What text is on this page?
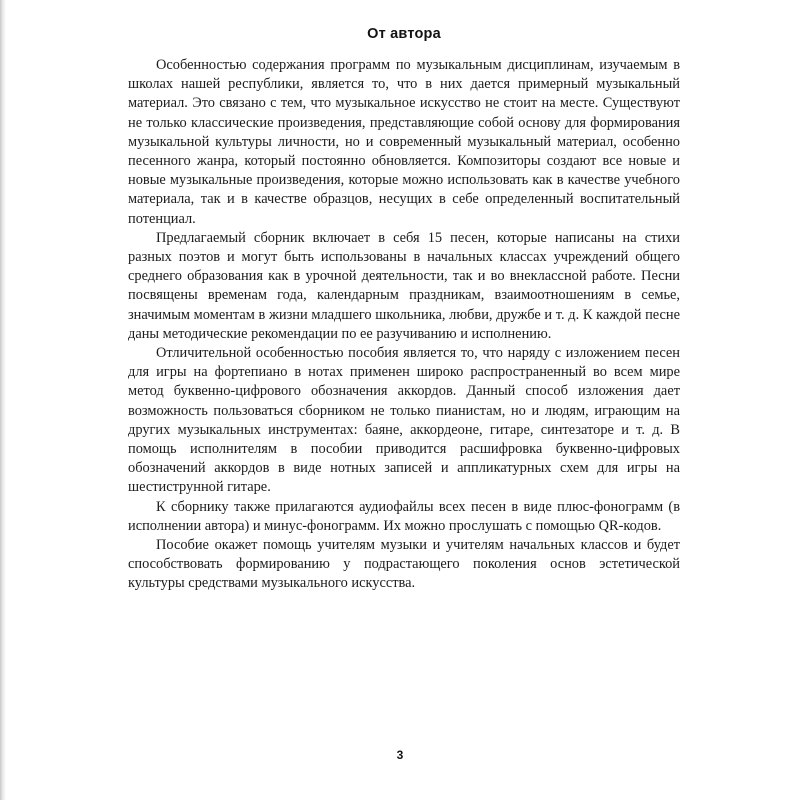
От автора

Особенностью содержания программ по музыкальным дисциплинам, изучаемым в школах нашей республики, является то, что в них дается примерный музыкальный материал. Это связано с тем, что музыкальное искусство не стоит на месте. Существуют не только классические произведения, представляющие собой основу для формирования музыкальной культуры личности, но и современный музыкальный материал, особенно песенного жанра, который постоянно обновляется. Композиторы создают все новые и новые музыкальные произведения, которые можно использовать как в качестве учебного материала, так и в качестве образцов, несущих в себе определенный воспитательный потенциал.

Предлагаемый сборник включает в себя 15 песен, которые написаны на стихи разных поэтов и могут быть использованы в начальных классах учреждений общего среднего образования как в урочной деятельности, так и во внеклассной работе. Песни посвящены временам года, календарным праздникам, взаимоотношениям в семье, значимым моментам в жизни младшего школьника, любви, дружбе и т. д. К каждой песне даны методические рекомендации по ее разучиванию и исполнению.

Отличительной особенностью пособия является то, что наряду с изложением песен для игры на фортепиано в нотах применен широко распространенный во всем мире метод буквенно-цифрового обозначения аккордов. Данный способ изложения дает возможность пользоваться сборником не только пианистам, но и людям, играющим на других музыкальных инструментах: баяне, аккордеоне, гитаре, синтезаторе и т. д. В помощь исполнителям в пособии приводится расшифровка буквенно-цифровых обозначений аккордов в виде нотных записей и аппликатурных схем для игры на шестиструнной гитаре.

К сборнику также прилагаются аудиофайлы всех песен в виде плюс-фонограмм (в исполнении автора) и минус-фонограмм. Их можно прослушать с помощью QR-кодов.

Пособие окажет помощь учителям музыки и учителям начальных классов и будет способствовать формированию у подрастающего поколения основ эстетической культуры средствами музыкального искусства.

3
